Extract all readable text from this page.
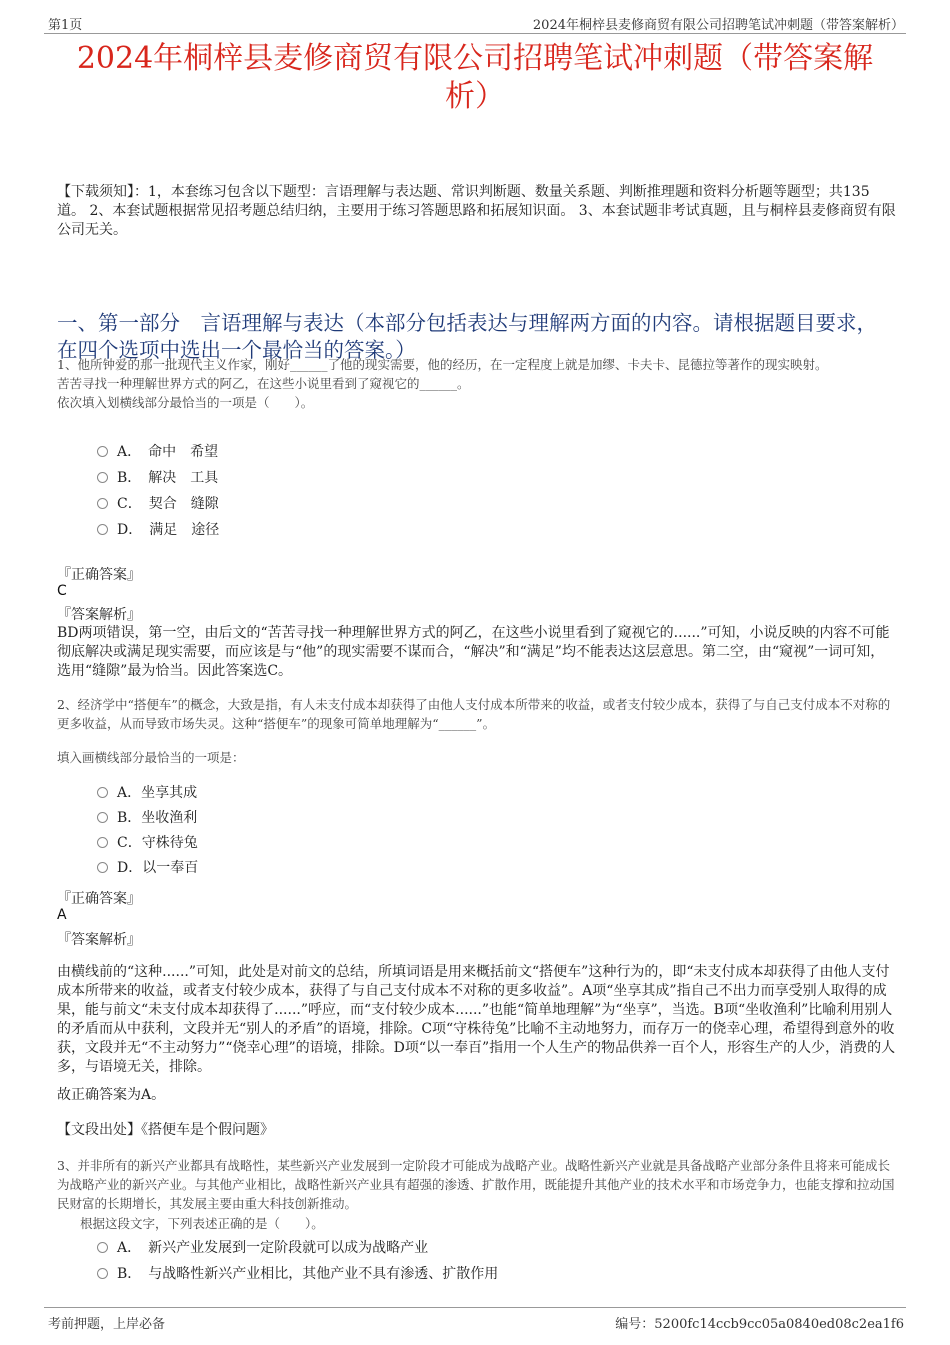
第1页	2024年桐梓县麦修商贸有限公司招聘笔试冲刺题（带答案解析）
2024年桐梓县麦修商贸有限公司招聘笔试冲刺题（带答案解析）
【下载须知】：1，本套练习包含以下题型：言语理解与表达题、常识判断题、数量关系题、判断推理题和资料分析题等题型；共135道。 2、本套试题根据常见招考题总结归纳，主要用于练习答题思路和拓展知识面。 3、本套试题非考试真题，且与桐梓县麦修商贸有限公司无关。
一、第一部分　言语理解与表达（本部分包括表达与理解两方面的内容。请根据题目要求，在四个选项中选出一个最恰当的答案。）
1、他所钟爱的那一批现代主义作家，刚好______了他的现实需要，他的经历，在一定程度上就是加缪、卡夫卡、昆德拉等著作的现实映射。
苦苦寻找一种理解世界方式的阿乙，在这些小说里看到了窥视它的______。
依次填入划横线部分最恰当的一项是（　　）。
A．　命中　希望
B．　解决　工具
C．　契合　缝隙
D．　满足　途径
『正确答案』
C
『答案解析』
BD两项错误，第一空，由后文的“苦苦寻找一种理解世界方式的阿乙，在这些小说里看到了窥视它的......”可知，小说反映的内容不可能彻底解决或满足现实需要，而应该是与“他”的现实需要不谋而合，“解决”和“满足”均不能表达这层意思。第二空，由“窥视”一词可知，选用“缝隙”最为恰当。因此答案选C。
2、经济学中“搭便车”的概念，大致是指，有人未支付成本却获得了由他人支付成本所带来的收益，或者支付较少成本，获得了与自己支付成本不对称的更多收益，从而导致市场失灵。这种“搭便车”的现象可简单地理解为“______”。
填入画横线部分最恰当的一项是：
A．坐享其成
B．坐收渔利
C．守株待兔
D．以一奉百
『正确答案』
A
『答案解析』
由横线前的“这种......”可知，此处是对前文的总结，所填词语是用来概括前文“搭便车”这种行为的，即“未支付成本却获得了由他人支付成本所带来的收益，或者支付较少成本，获得了与自己支付成本不对称的更多收益”。A项“坐享其成”指自己不出力而享受别人取得的成果，能与前文“未支付成本却获得了......”呼应，而“支付较少成本......”也能“简单地理解”为“坐享”，当选。B项“坐收渔利”比喻利用别人的矛盾而从中获利，文段并无“别人的矛盾”的语境，排除。C项“守株待兔”比喻不主动地努力，而存万一的侥幸心理，希望得到意外的收获，文段并无“不主动努力”“侥幸心理”的语境，排除。D项“以一奉百”指用一个人生产的物品供养一百个人，形容生产的人少，消费的人多，与语境无关，排除。
故正确答案为A。
【文段出处】《搭便车是个假问题》
3、并非所有的新兴产业都具有战略性，某些新兴产业发展到一定阶段才可能成为战略产业。战略性新兴产业就是具备战略产业部分条件且将来可能成长为战略产业的新兴产业。与其他产业相比，战略性新兴产业具有超强的渗透、扩散作用，既能提升其他产业的技术水平和市场竞争力，也能支撑和拉动国民财富的长期增长，其发展主要由重大科技创新推动。
根据这段文字，下列表述正确的是（　　）。
A．　新兴产业发展到一定阶段就可以成为战略产业
B．　与战略性新兴产业相比，其他产业不具有渗透、扩散作用
考前押题，上岸必备	编号：5200fc14ccb9cc05a0840ed08c2ea1f6
